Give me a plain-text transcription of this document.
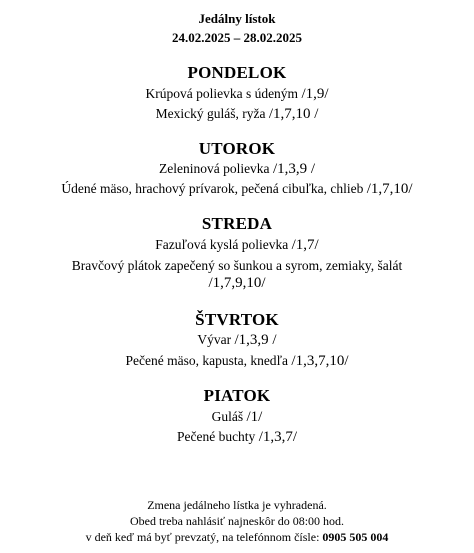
Jedálny lístok
24.02.2025 – 28.02.2025
PONDELOK
Krúpová polievka s údeným /1,9/
Mexický guláš, ryža /1,7,10 /
UTOROK
Zeleninová polievka /1,3,9 /
Údené mäso, hrachový prívarok, pečená cibuľka, chlieb /1,7,10/
STREDA
Fazuľová kyslá polievka /1,7/
Bravčový plátok zapečený so šunkou a syrom, zemiaky, šalát
/1,7,9,10/
ŠTVRTOK
Vývar /1,3,9 /
Pečené mäso, kapusta, knedľa /1,3,7,10/
PIATOK
Guláš /1/
Pečené buchty /1,3,7/
Zmena jedálneho lístka je vyhradená.
Obed treba nahlásiť najneskôr do 08:00 hod.
v deň keď má byť prevzatý, na telefónnom čísle: 0905 505 004
